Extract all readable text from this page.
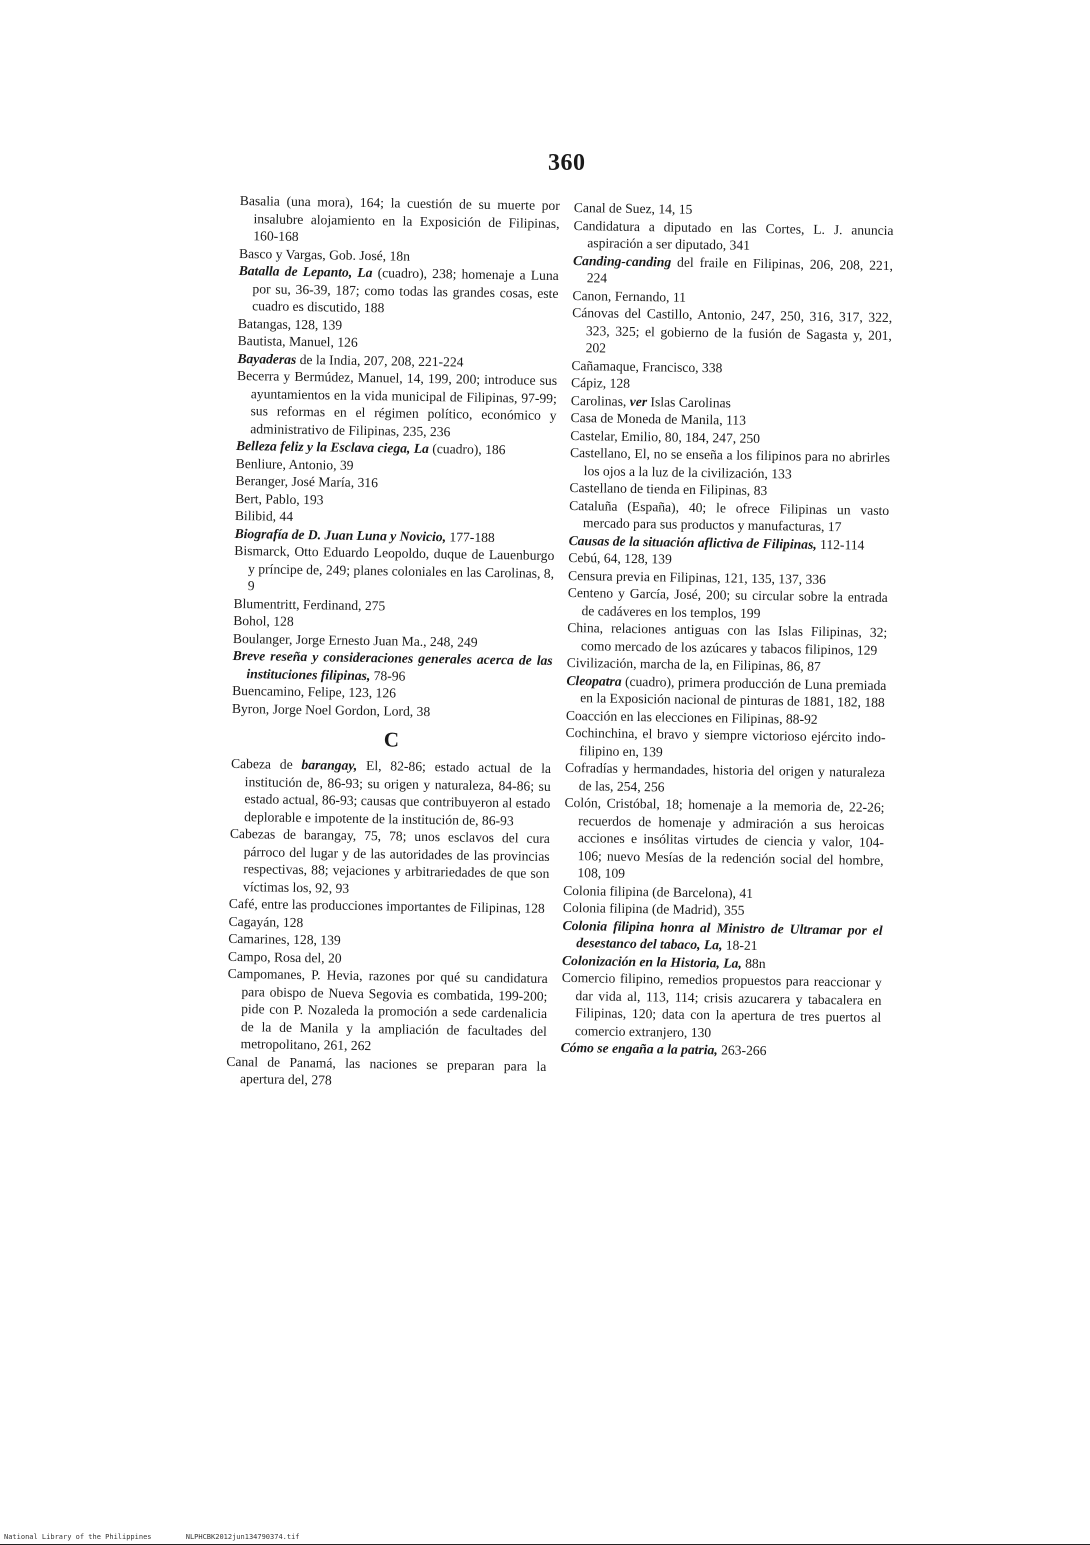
360

Basalia (una mora), 164; la cuestión de su muerte por insalubre alojamiento en la Exposición de Filipinas, 160-168

Basco y Vargas, Gob. José, 18n

Batalla de Lepanto, La (cuadro), 238; homenaje a Luna por su, 36-39, 187; como todas las grandes cosas, este cuadro es discutido, 188

Batangas, 128, 139

Bautista, Manuel, 126

Bayaderas de la India, 207, 208, 221-224

Becerra y Bermúdez, Manuel, 14, 199, 200; introduce sus ayuntamientos en la vida municipal de Filipinas, 97-99; sus reformas en el régimen político, económico y administrativo de Filipinas, 235, 236

Belleza feliz y la Esclava ciega, La (cuadro), 186

Benliure, Antonio, 39

Beranger, José María, 316

Bert, Pablo, 193

Bilibid, 44

Biografía de D. Juan Luna y Novicio, 177-188

Bismarck, Otto Eduardo Leopoldo, duque de Lauenburgo y príncipe de, 249; planes coloniales en las Carolinas, 8, 9

Blumentritt, Ferdinand, 275

Bohol, 128

Boulanger, Jorge Ernesto Juan Ma., 248, 249

Breve reseña y consideraciones generales acerca de las instituciones filipinas, 78-96

Buencamino, Felipe, 123, 126

Byron, Jorge Noel Gordon, Lord, 38

C

Cabeza de barangay, El, 82-86; estado actual de la institución de, 86-93; su origen y naturaleza, 84-86; su estado actual, 86-93; causas que contribuyeron al estado deplorable e impotente de la institución de, 86-93

Cabezas de barangay, 75, 78; unos esclavos del cura párroco del lugar y de las autoridades de las provincias respectivas, 88; vejaciones y arbitrariedades de que son víctimas los, 92, 93

Café, entre las producciones importantes de Filipinas, 128

Cagayán, 128

Camarines, 128, 139

Campo, Rosa del, 20

Campomanes, P. Hevia, razones por qué su candidatura para obispo de Nueva Segovia es combatida, 199-200; pide con P. Nozaleda la promoción a sede cardenalicia de la de Manila y la ampliación de facultades del metropolitano, 261, 262

Canal de Panamá, las naciones se preparan para la apertura del, 278

Canal de Suez, 14, 15

Candidatura a diputado en las Cortes, L. J. anuncia aspiración a ser diputado, 341

Canding-canding del fraile en Filipinas, 206, 208, 221, 224

Canon, Fernando, 11

Cánovas del Castillo, Antonio, 247, 250, 316, 317, 322, 323, 325; el gobierno de la fusión de Sagasta y, 201, 202

Cañamaque, Francisco, 338

Cápiz, 128

Carolinas, ver Islas Carolinas

Casa de Moneda de Manila, 113

Castelar, Emilio, 80, 184, 247, 250

Castellano, El, no se enseña a los filipinos para no abrirles los ojos a la luz de la civilización, 133

Castellano de tienda en Filipinas, 83

Cataluña (España), 40; le ofrece Filipinas un vasto mercado para sus productos y manufacturas, 17

Causas de la situación aflictiva de Filipinas, 112-114

Cebú, 64, 128, 139

Censura previa en Filipinas, 121, 135, 137, 336

Centeno y García, José, 200; su circular sobre la entrada de cadáveres en los templos, 199

China, relaciones antiguas con las Islas Filipinas, 32; como mercado de los azúcares y tabacos filipinos, 129

Civilización, marcha de la, en Filipinas, 86, 87

Cleopatra (cuadro), primera producción de Luna premiada en la Exposición nacional de pinturas de 1881, 182, 188

Coacción en las elecciones en Filipinas, 88-92

Cochinchina, el bravo y siempre victorioso ejército indo-filipino en, 139

Cofradías y hermandades, historia del origen y naturaleza de las, 254, 256

Colón, Cristóbal, 18; homenaje a la memoria de, 22-26; recuerdos de homenaje y admiración a sus heroicas acciones e insólitas virtudes de ciencia y valor, 104-106; nuevo Mesías de la redención social del hombre, 108, 109

Colonia filipina (de Barcelona), 41

Colonia filipina (de Madrid), 355

Colonia filipina honra al Ministro de Ultramar por el desestanco del tabaco, La, 18-21

Colonización en la Historia, La, 88n

Comercio filipino, remedios propuestos para reaccionar y dar vida al, 113, 114; crisis azucarera y tabacalera en Filipinas, 120; data con la apertura de tres puertos al comercio extranjero, 130

Cómo se engaña a la patria, 263-266

National Library of the Philippines	NLPHCBK2012jun134790374.tif
